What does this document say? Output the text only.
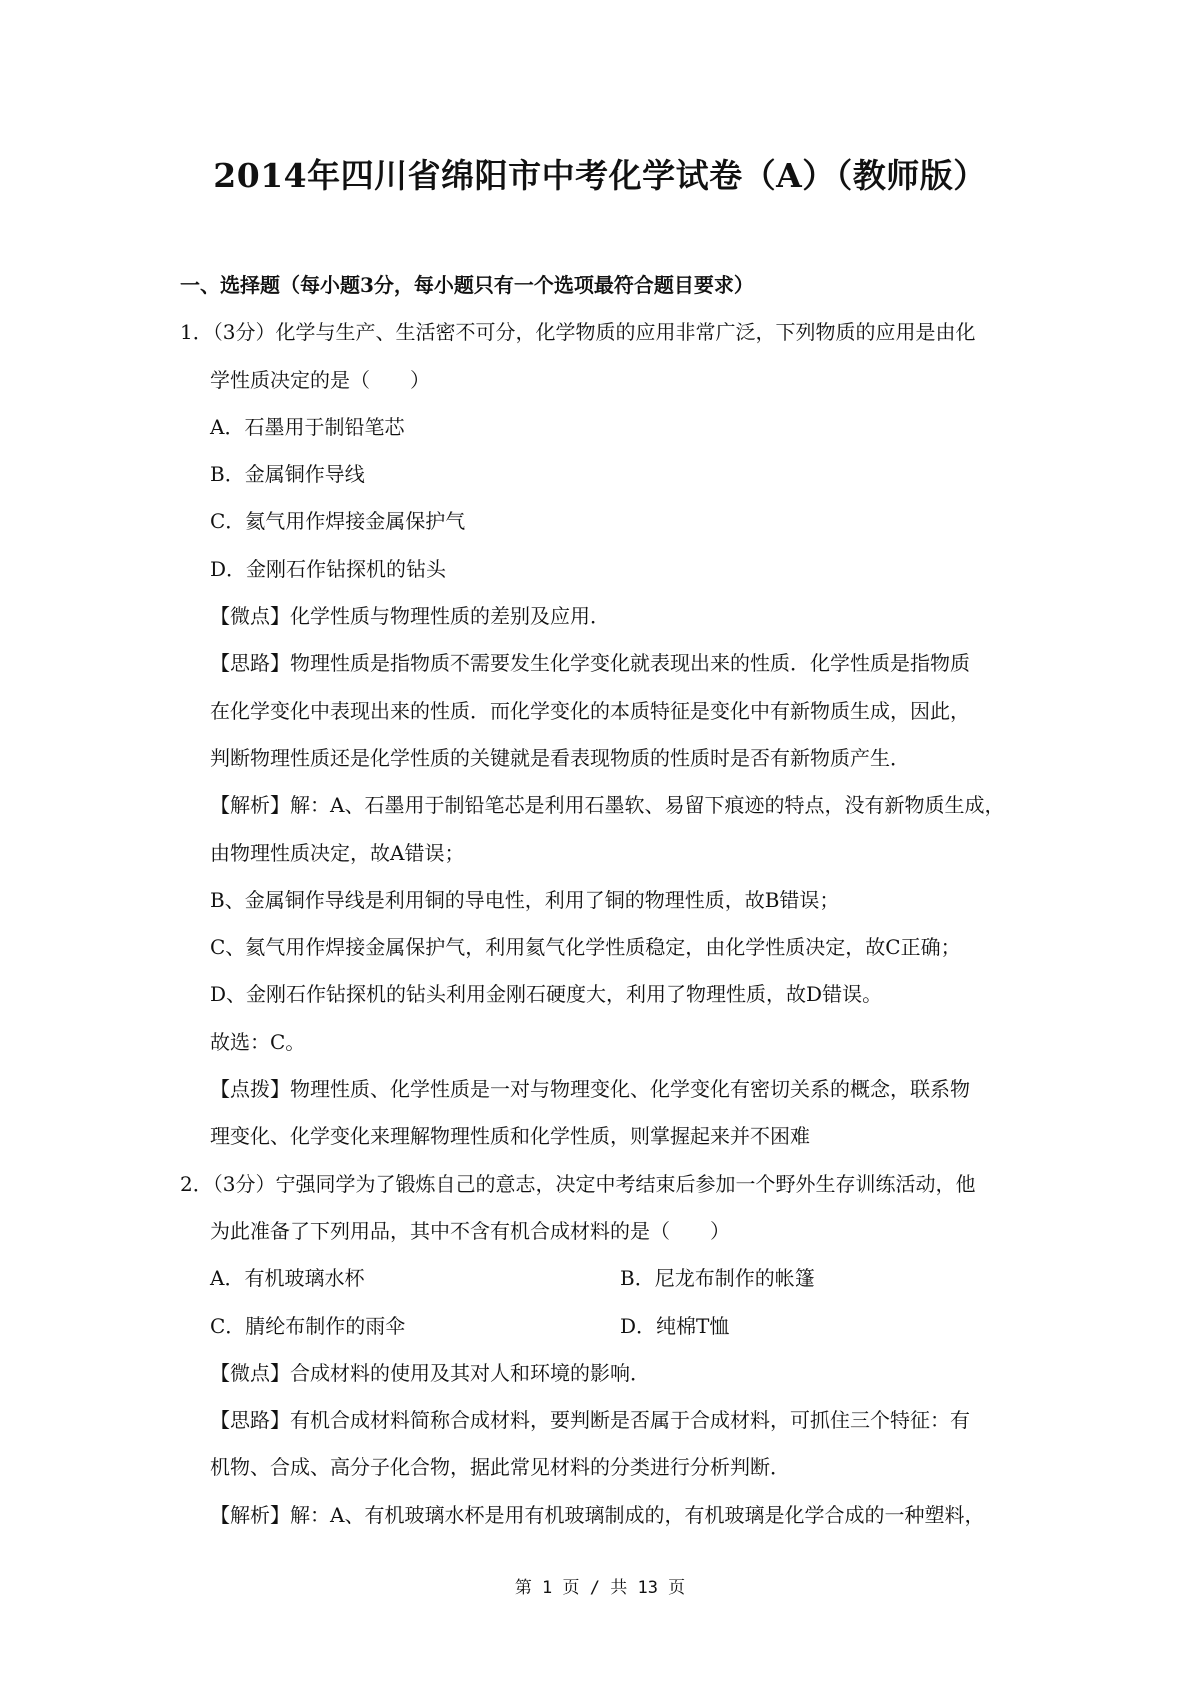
2014年四川省绵阳市中考化学试卷（A）（教师版）

一、选择题（每小题3分，每小题只有一个选项最符合题目要求）

1．（3分）化学与生产、生活密不可分，化学物质的应用非常广泛，下列物质的应用是由化

学性质决定的是（　　）

A．石墨用于制铅笔芯

B．金属铜作导线

C．氦气用作焊接金属保护气

D．金刚石作钻探机的钻头

【微点】化学性质与物理性质的差别及应用．

【思路】物理性质是指物质不需要发生化学变化就表现出来的性质．化学性质是指物质

在化学变化中表现出来的性质．而化学变化的本质特征是变化中有新物质生成，因此，

判断物理性质还是化学性质的关键就是看表现物质的性质时是否有新物质产生．

【解析】解：A、石墨用于制铅笔芯是利用石墨软、易留下痕迹的特点，没有新物质生成，

由物理性质决定，故A错误；

B、金属铜作导线是利用铜的导电性，利用了铜的物理性质，故B错误；

C、氦气用作焊接金属保护气，利用氦气化学性质稳定，由化学性质决定，故C正确；

D、金刚石作钻探机的钻头利用金刚石硬度大，利用了物理性质，故D错误。

故选：C。

【点拨】物理性质、化学性质是一对与物理变化、化学变化有密切关系的概念，联系物

理变化、化学变化来理解物理性质和化学性质，则掌握起来并不困难

2．（3分）宁强同学为了锻炼自己的意志，决定中考结束后参加一个野外生存训练活动，他

为此准备了下列用品，其中不含有机合成材料的是（　　）

A．有机玻璃水杯	B．尼龙布制作的帐篷
C．腈纶布制作的雨伞	D．纯棉T恤

【微点】合成材料的使用及其对人和环境的影响．

【思路】有机合成材料简称合成材料，要判断是否属于合成材料，可抓住三个特征：有

机物、合成、高分子化合物，据此常见材料的分类进行分析判断．

【解析】解：A、有机玻璃水杯是用有机玻璃制成的，有机玻璃是化学合成的一种塑料，

第 1 页 / 共 13 页
